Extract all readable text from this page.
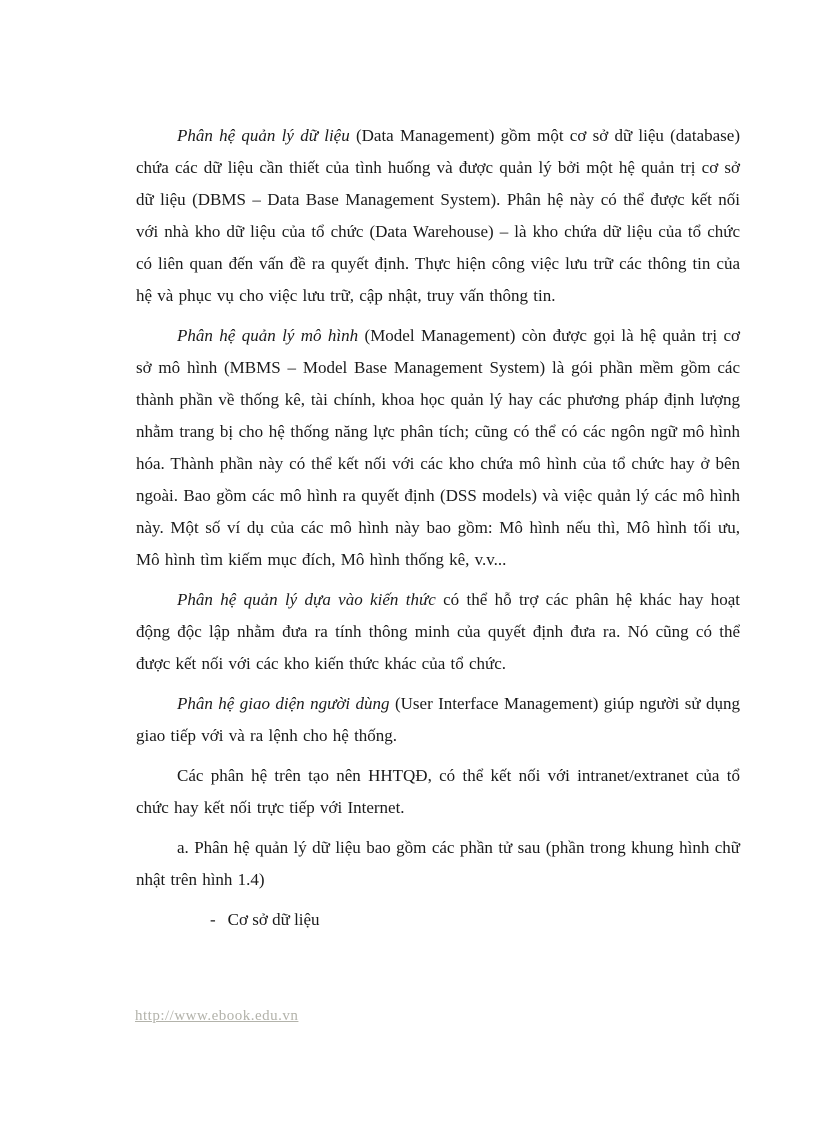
Phân hệ quản lý dữ liệu (Data Management) gồm một cơ sở dữ liệu (database) chứa các dữ liệu cần thiết của tình huống và được quản lý bởi một hệ quản trị cơ sở dữ liệu (DBMS – Data Base Management System). Phân hệ này có thể được kết nối với nhà kho dữ liệu của tổ chức (Data Warehouse) – là kho chứa dữ liệu của tổ chức có liên quan đến vấn đề ra quyết định. Thực hiện công việc lưu trữ các thông tin của hệ và phục vụ cho việc lưu trữ, cập nhật, truy vấn thông tin.

Phân hệ quản lý mô hình (Model Management) còn được gọi là hệ quản trị cơ sở mô hình (MBMS – Model Base Management System) là gói phần mềm gồm các thành phần về thống kê, tài chính, khoa học quản lý hay các phương pháp định lượng nhằm trang bị cho hệ thống năng lực phân tích; cũng có thể có các ngôn ngữ mô hình hóa. Thành phần này có thể kết nối với các kho chứa mô hình của tổ chức hay ở bên ngoài. Bao gồm các mô hình ra quyết định (DSS models) và việc quản lý các mô hình này. Một số ví dụ của các mô hình này bao gồm: Mô hình nếu thì, Mô hình tối ưu, Mô hình tìm kiếm mục đích, Mô hình thống kê, v.v...

Phân hệ quản lý dựa vào kiến thức có thể hỗ trợ các phân hệ khác hay hoạt động độc lập nhằm đưa ra tính thông minh của quyết định đưa ra. Nó cũng có thể được kết nối với các kho kiến thức khác của tổ chức.

Phân hệ giao diện người dùng (User Interface Management) giúp người sử dụng giao tiếp với và ra lệnh cho hệ thống.

Các phân hệ trên tạo nên HHTQĐ, có thể kết nối với intranet/extranet của tổ chức hay kết nối trực tiếp với Internet.

a. Phân hệ quản lý dữ liệu bao gồm các phần tử sau (phần trong khung hình chữ nhật trên hình 1.4)

- Cơ sở dữ liệu
http://www.ebook.edu.vn
